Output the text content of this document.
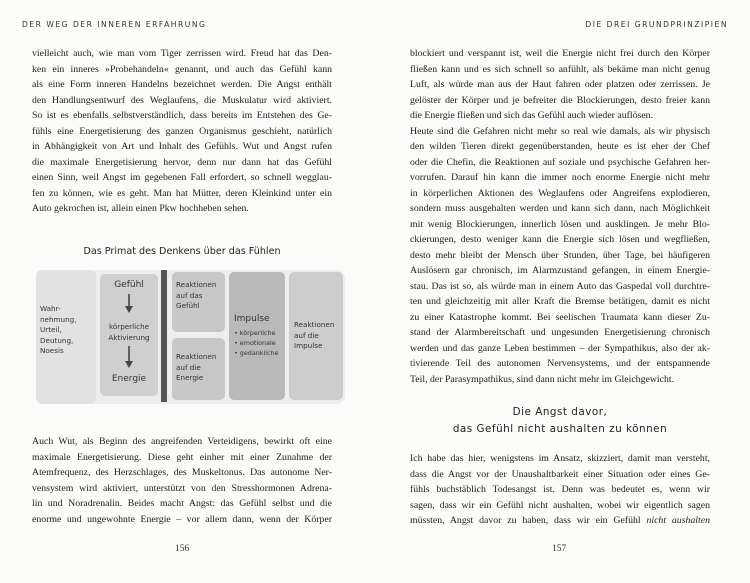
DER WEG DER INNEREN ERFAHRUNG	DIE DREI GRUNDPRINZIPIEN
vielleicht auch, wie man vom Tiger zerrissen wird. Freud hat das Den-
ken ein inneres »Probehandeln« genannt, und auch das Gefühl kann
als eine Form inneren Handelns bezeichnet werden. Die Angst enthält
den Handlungsentwurf des Weglaufens, die Muskulatur wird aktiviert.
So ist es ebenfalls selbstverständlich, dass bereits im Entstehen des Ge-
fühls eine Energetisierung des ganzen Organismus geschieht, natürlich
in Abhängigkeit von Art und Inhalt des Gefühls. Wut und Angst rufen
die maximale Energetisierung hervor, denn nur dann hat das Gefühl
einen Sinn, weil Angst im gegebenen Fall erfordert, so schnell wegglau-
fen zu können, wie es geht. Man hat Mütter, deren Kleinkind unter ein
Auto gekrochen ist, allein einen Pkw hochheben sehen.
Das Primat des Denkens über das Fühlen
Wahr-
nehmung,
Urteil,
Deutung,
Noesis
Gefühl
körperliche
Aktivierung
Energie
Reaktionen
auf das
Gefühl
Reaktionen
auf die
Energie
Impulse
• körperliche
• emotionale
• gedankliche
Reaktionen
auf die
Impulse
Auch Wut, als Beginn des angreifenden Verteidigens, bewirkt oft eine
maximale Energetisierung. Diese geht einher mit einer Zunahme der
Atemfrequenz, des Herzschlages, des Muskeltonus. Das autonome Ner-
vensystem wird aktiviert, unterstützt von den Stresshormonen Adrena-
lin und Noradrenalin. Beides macht Angst: das Gefühl selbst und die
enorme und ungewohnte Energie – vor allem dann, wenn der Körper
156
blockiert und verspannt ist, weil die Energie nicht frei durch den Körper
fließen kann und es sich schnell so anfühlt, als bekäme man nicht genug
Luft, als würde man aus der Haut fahren oder platzen oder zerrissen. Je
gelöster der Körper und je befreiter die Blockierungen, desto freier kann
die Energie fließen und sich das Gefühl auch wieder auflösen.
Heute sind die Gefahren nicht mehr so real wie damals, als wir physisch
den wilden Tieren direkt gegenüberstanden, heute es ist eher der Chef
oder die Chefin, die Reaktionen auf soziale und psychische Gefahren her-
vorrufen. Darauf hin kann die immer noch enorme Energie nicht mehr
in körperlichen Aktionen des Weglaufens oder Angreifens explodieren,
sondern muss ausgehalten werden und kann sich dann, nach Möglichkeit
mit wenig Blockierungen, innerlich lösen und ausklingen. Je mehr Blo-
ckierungen, desto weniger kann die Energie sich lösen und wegfließen,
desto mehr bleibt der Mensch über Stunden, über Tage, bei häufigeren
Auslösern gar chronisch, im Alarmzustand gefangen, in einem Energie-
stau. Das ist so, als würde man in einem Auto das Gaspedal voll durchtre-
ten und gleichzeitig mit aller Kraft die Bremse betätigen, damit es nicht
zu einer Katastrophe kommt. Bei seelischen Traumata kann dieser Zu-
stand der Alarmbereitschaft und ungesunden Energetisierung chronisch
werden und das ganze Leben bestimmen – der Sympathikus, also der ak-
tivierende Teil des autonomen Nervensystems, und der entspannende
Teil, der Parasympathikus, sind dann nicht mehr im Gleichgewicht.
Die Angst davor,
das Gefühl nicht aushalten zu können
Ich habe das hier, wenigstens im Ansatz, skizziert, damit man versteht,
dass die Angst vor der Unaushaltbarkeit einer Situation oder eines Ge-
fühls buchstäblich Todesangst ist. Denn was bedeutet es, wenn wir
sagen, dass wir ein Gefühl nicht aushalten, wobei wir eigentlich sagen
müssten, Angst davor zu haben, dass wir ein Gefühl nicht aushalten
157
